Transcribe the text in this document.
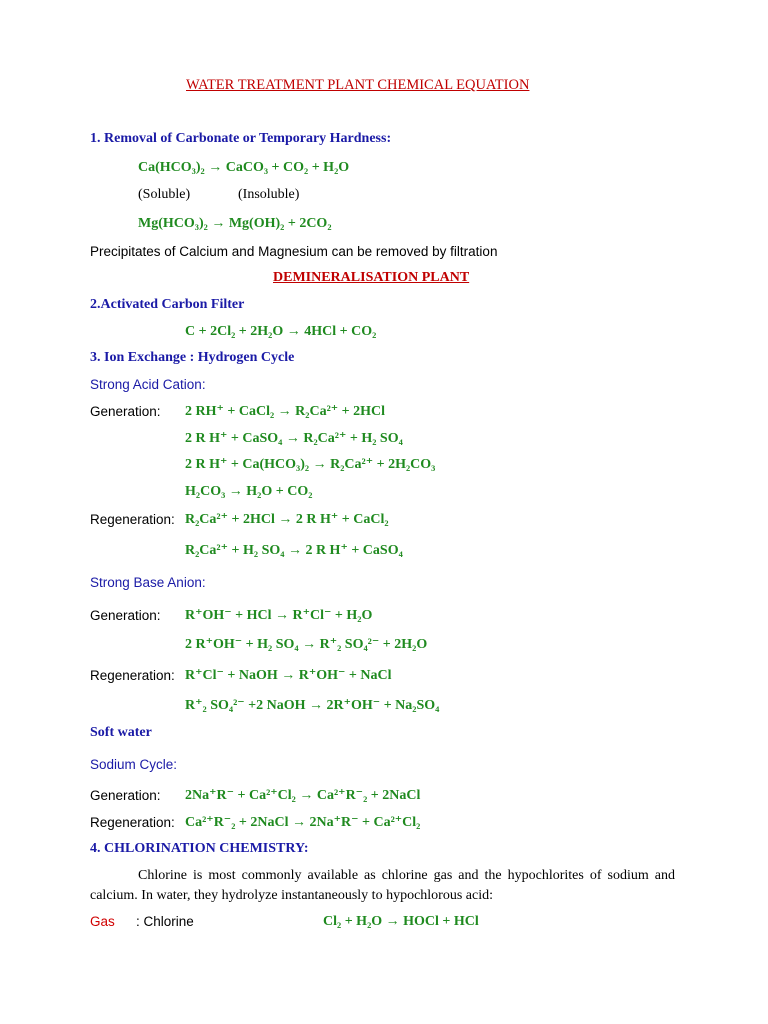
WATER TREATMENT PLANT CHEMICAL EQUATION
1. Removal of Carbonate or Temporary Hardness:
Ca(HCO₃)₂ → CaCO₃ + CO₂ + H₂O
(Soluble)	(Insoluble)
Mg(HCO₃)₂ → Mg(OH)₂ + 2CO₂
Precipitates of Calcium and Magnesium can be removed by filtration
DEMINERALISATION PLANT
2.Activated Carbon Filter
C + 2Cl₂ + 2H₂O → 4HCl + CO₂
3. Ion Exchange : Hydrogen Cycle
Strong Acid Cation:
Generation: 2 RH⁺ + CaCl₂ → R₂Ca²⁺ + 2HCl
2 R H⁺ + CaSO₄ → R₂Ca²⁺ + H₂ SO₄
2 R H⁺ + Ca(HCO₃)₂ → R₂Ca²⁺ + 2H₂CO₃
H₂CO₃ → H₂O + CO₂
Regeneration: R₂Ca²⁺ + 2HCl → 2 R H⁺ + CaCl₂
R₂Ca²⁺ + H₂ SO₄ → 2 R H⁺ + CaSO₄
Strong Base Anion:
Generation: R⁺OH⁻ + HCl → R⁺Cl⁻ + H₂O
2 R⁺OH⁻ + H₂ SO₄ → R⁺₂ SO₄²⁻ + 2H₂O
Regeneration: R⁺Cl⁻ + NaOH → R⁺OH⁻ + NaCl
R⁺₂ SO₄²⁻ +2 NaOH → 2R⁺OH⁻ + Na₂SO₄
Soft water
Sodium Cycle:
Generation: 2Na⁺R⁻ + Ca²⁺Cl₂ → Ca²⁺R⁻₂ + 2NaCl
Regeneration: Ca²⁺R⁻₂ + 2NaCl → 2Na⁺R⁻ + Ca²⁺Cl₂
4. CHLORINATION CHEMISTRY:
Chlorine is most commonly available as chlorine gas and the hypochlorites of sodium and calcium. In water, they hydrolyze instantaneously to hypochlorous acid:
Gas : Chlorine	Cl₂ + H₂O → HOCl + HCl
